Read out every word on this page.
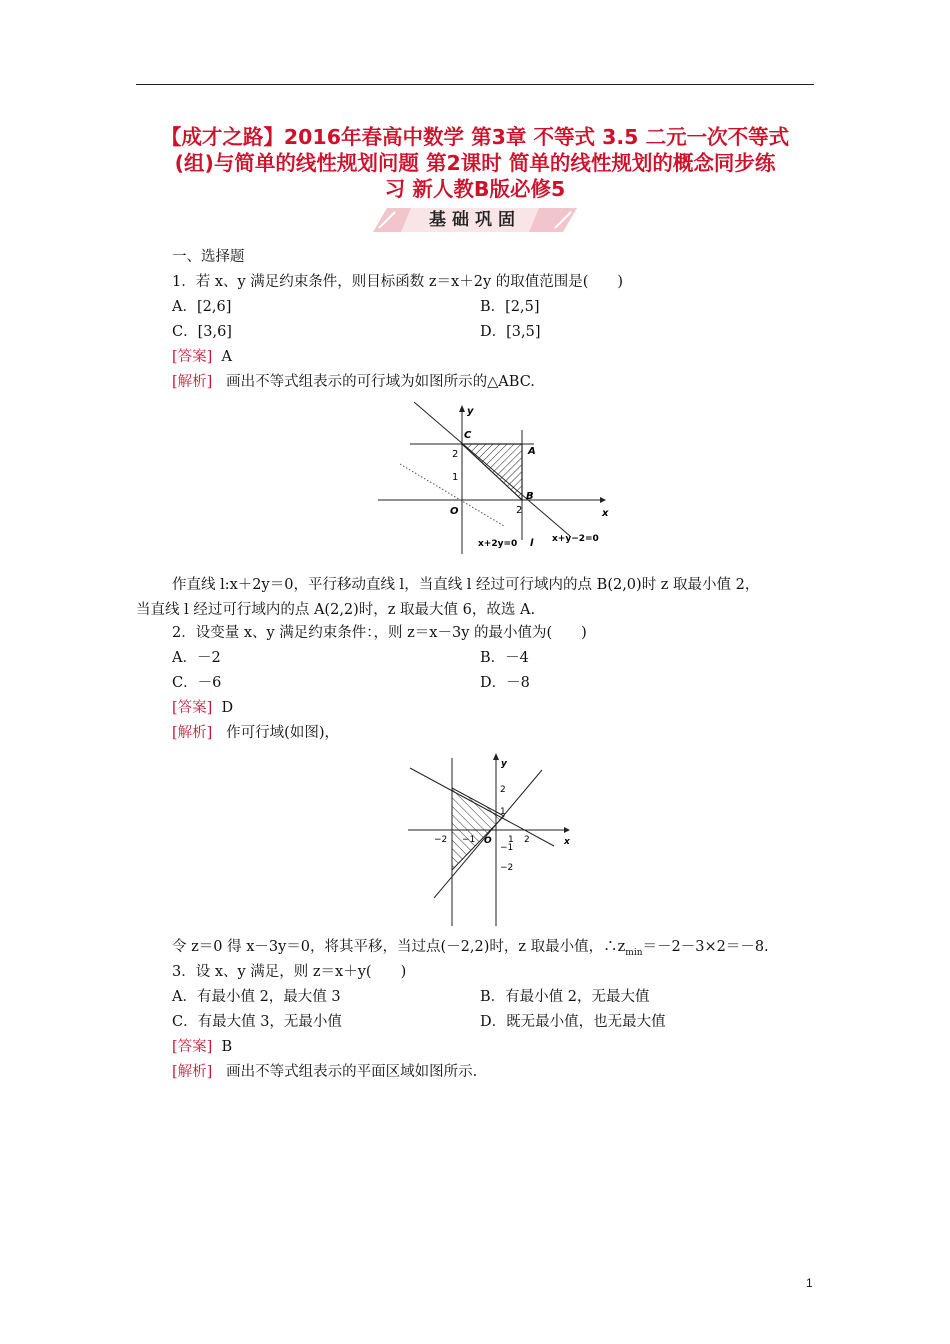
【成才之路】2016年春高中数学 第3章 不等式 3.5 二元一次不等式
(组)与简单的线性规划问题 第2课时 简单的线性规划的概念同步练
习 新人教B版必修5
基础巩固
一、选择题
1．若 x、y 满足约束条件，则目标函数 z＝x＋2y 的取值范围是(　　)
A．[2,6]	B．[2,5]
C．[3,6]	D．[3,5]
[答案] A
[解析] 画出不等式组表示的可行域为如图所示的△ABC.
y
x
O
2
1
2
C
A
B
x+2y=0 l x+y−2=0
作直线 l:x＋2y＝0，平行移动直线 l，当直线 l 经过可行域内的点 B(2,0)时 z 取最小值 2，
当直线 l 经过可行域内的点 A(2,2)时，z 取最大值 6，故选 A.
2．设变量 x、y 满足约束条件：，则 z＝x－3y 的最小值为(　　)
A．－2	B．－4
C．－6	D．－8
[答案] D
[解析] 作可行域(如图)，
y
x
O
2
1
−1
−2
−2 −1	1 2
令 z＝0 得 x－3y＝0，将其平移，当过点(－2,2)时，z 取最小值，$\therefore z_{min}=-2-3\times 2=-8$.
3．设 x、y 满足，则 z＝x＋y(　　)
A．有最小值 2，最大值 3	B．有最小值 2，无最大值
C．有最大值 3，无最小值	D．既无最小值，也无最大值
[答案] B
[解析] 画出不等式组表示的平面区域如图所示.
1
